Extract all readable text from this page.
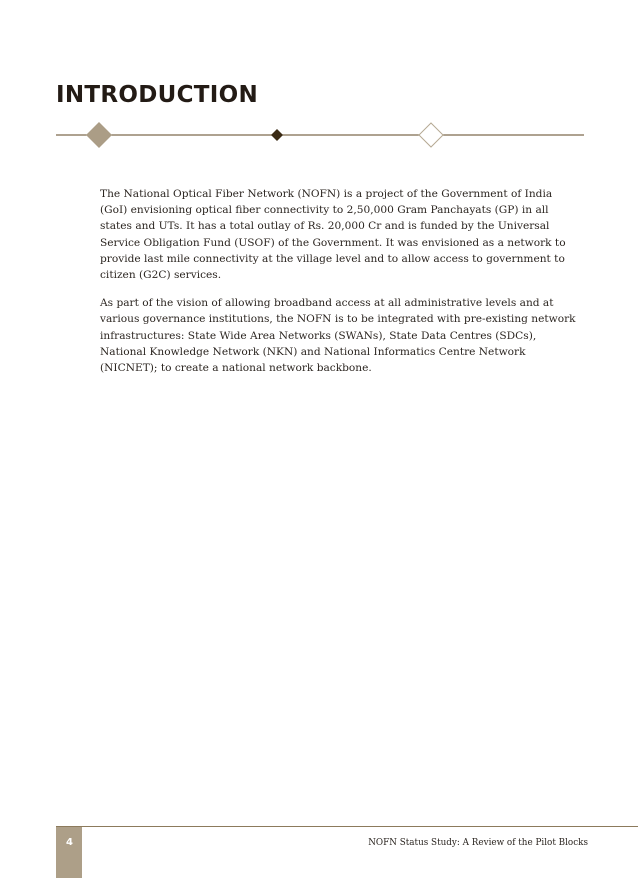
INTRODUCTION

The National Optical Fiber Network (NOFN) is a project of the Government of India (GoI) envisioning optical fiber connectivity to 2,50,000 Gram Panchayats (GP) in all states and UTs. It has a total outlay of Rs. 20,000 Cr and is funded by the Universal Service Obligation Fund (USOF) of the Government. It was envisioned as a network to provide last mile connectivity at the village level and to allow access to government to citizen (G2C) services.

As part of the vision of allowing broadband access at all administrative levels and at various governance institutions, the NOFN is to be integrated with pre-existing network infrastructures: State Wide Area Networks (SWANs), State Data Centres (SDCs), National Knowledge Network (NKN) and National Informatics Centre Network (NICNET); to create a national network backbone.

4	NOFN Status Study: A Review of the Pilot Blocks
